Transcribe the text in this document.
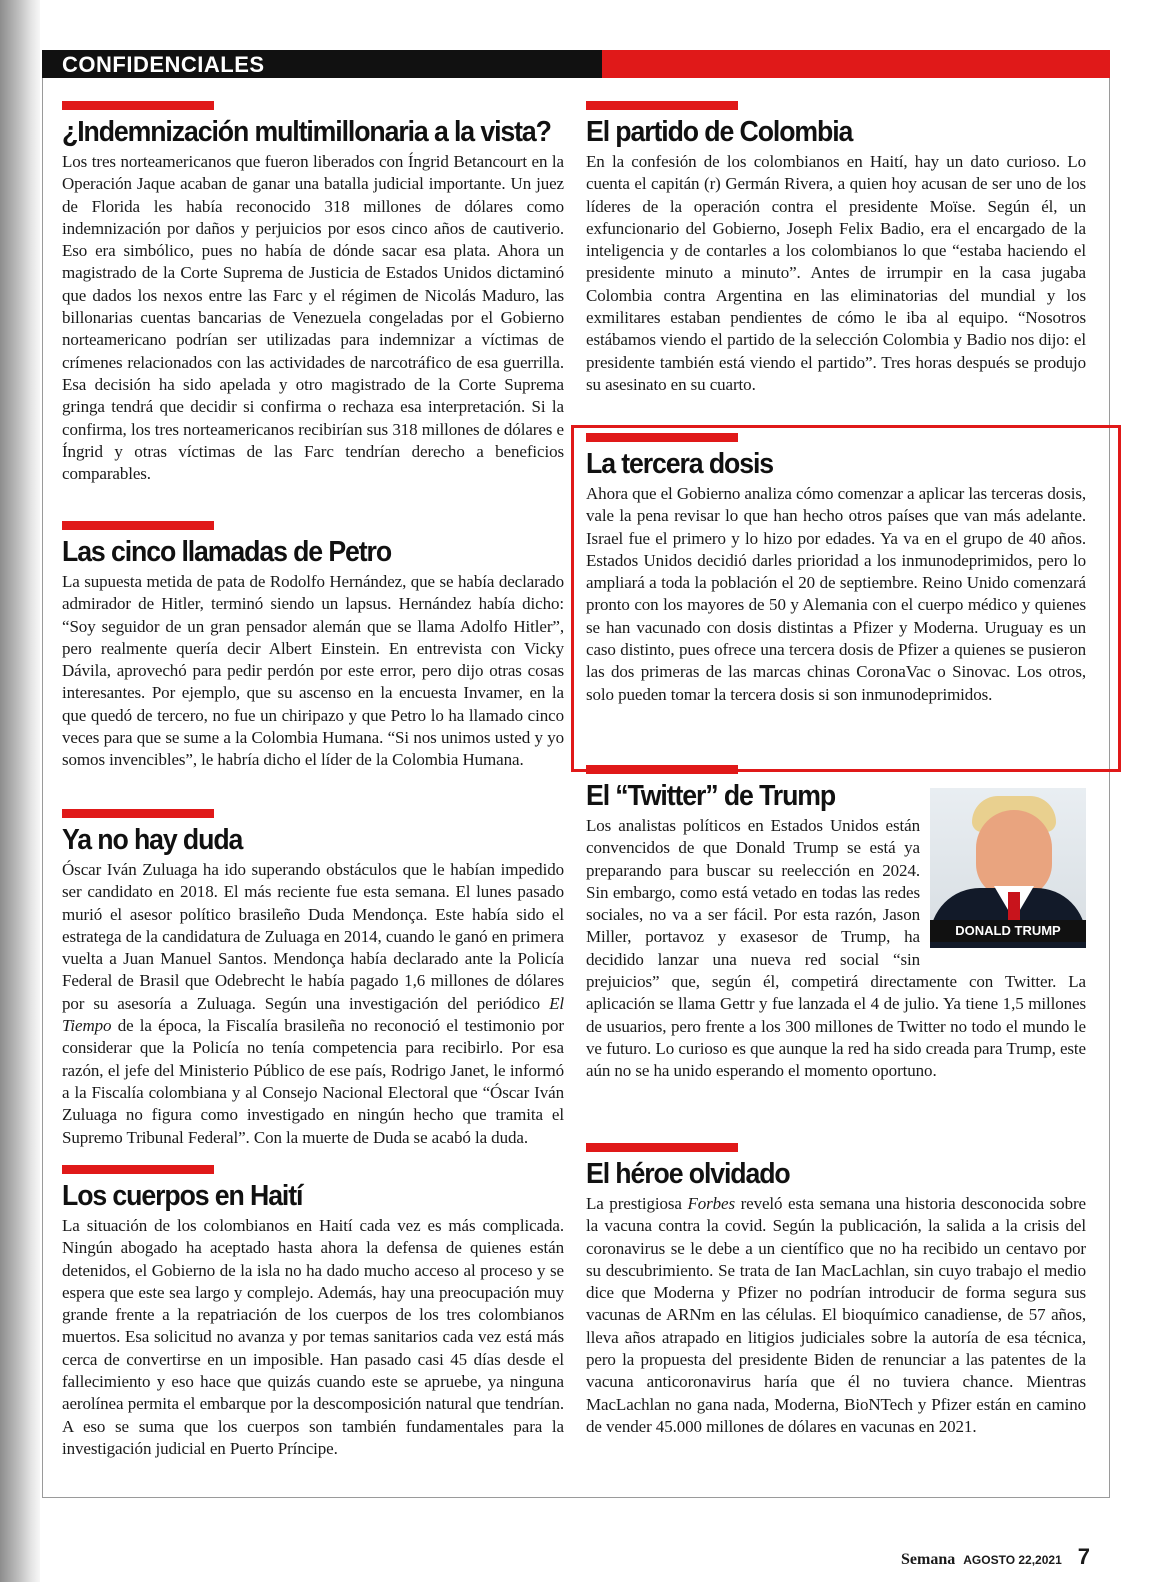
CONFIDENCIALES
¿Indemnización multimillonaria a la vista?

Los tres norteamericanos que fueron liberados con Íngrid Betancourt en la Operación Jaque acaban de ganar una batalla judicial importante. Un juez de Florida les había reconocido 318 millones de dólares como indemnización por daños y perjuicios por esos cinco años de cautiverio. Eso era simbólico, pues no había de dónde sacar esa plata. Ahora un magistrado de la Corte Suprema de Justicia de Estados Unidos dictaminó que dados los nexos entre las Farc y el régimen de Nicolás Maduro, las billonarias cuentas bancarias de Venezuela congeladas por el Gobierno norteamericano podrían ser utilizadas para indemnizar a víctimas de crímenes relacionados con las actividades de narcotráfico de esa guerrilla. Esa decisión ha sido apelada y otro magistrado de la Corte Suprema gringa tendrá que decidir si confirma o rechaza esa interpretación. Si la confirma, los tres norteamericanos recibirían sus 318 millones de dólares e Íngrid y otras víctimas de las Farc tendrían derecho a beneficios comparables.

Las cinco llamadas de Petro

La supuesta metida de pata de Rodolfo Hernández, que se había declarado admirador de Hitler, terminó siendo un lapsus. Hernández había dicho: “Soy seguidor de un gran pensador alemán que se llama Adolfo Hitler”, pero realmente quería decir Albert Einstein. En entrevista con Vicky Dávila, aprovechó para pedir perdón por este error, pero dijo otras cosas interesantes. Por ejemplo, que su ascenso en la encuesta Invamer, en la que quedó de tercero, no fue un chiripazo y que Petro lo ha llamado cinco veces para que se sume a la Colombia Humana. “Si nos unimos usted y yo somos invencibles”, le habría dicho el líder de la Colombia Humana.

Ya no hay duda

Óscar Iván Zuluaga ha ido superando obstáculos que le habían impedido ser candidato en 2018. El más reciente fue esta semana. El lunes pasado murió el asesor político brasileño Duda Mendonça. Este había sido el estratega de la candidatura de Zuluaga en 2014, cuando le ganó en primera vuelta a Juan Manuel Santos. Mendonça había declarado ante la Policía Federal de Brasil que Odebrecht le había pagado 1,6 millones de dólares por su asesoría a Zuluaga. Según una investigación del periódico El Tiempo de la época, la Fiscalía brasileña no reconoció el testimonio por considerar que la Policía no tenía competencia para recibirlo. Por esa razón, el jefe del Ministerio Público de ese país, Rodrigo Janet, le informó a la Fiscalía colombiana y al Consejo Nacional Electoral que “Óscar Iván Zuluaga no figura como investigado en ningún hecho que tramita el Supremo Tribunal Federal”. Con la muerte de Duda se acabó la duda.

Los cuerpos en Haití

La situación de los colombianos en Haití cada vez es más complicada. Ningún abogado ha aceptado hasta ahora la defensa de quienes están detenidos, el Gobierno de la isla no ha dado mucho acceso al proceso y se espera que este sea largo y complejo. Además, hay una preocupación muy grande frente a la repatriación de los cuerpos de los tres colombianos muertos. Esa solicitud no avanza y por temas sanitarios cada vez está más cerca de convertirse en un imposible. Han pasado casi 45 días desde el fallecimiento y eso hace que quizás cuando este se apruebe, ya ninguna aerolínea permita el embarque por la descomposición natural que tendrían. A eso se suma que los cuerpos son también fundamentales para la investigación judicial en Puerto Príncipe.

El partido de Colombia

En la confesión de los colombianos en Haití, hay un dato curioso. Lo cuenta el capitán (r) Germán Rivera, a quien hoy acusan de ser uno de los líderes de la operación contra el presidente Moïse. Según él, un exfuncionario del Gobierno, Joseph Felix Badio, era el encargado de la inteligencia y de contarles a los colombianos lo que “estaba haciendo el presidente minuto a minuto”. Antes de irrumpir en la casa jugaba Colombia contra Argentina en las eliminatorias del mundial y los exmilitares estaban pendientes de cómo le iba al equipo. “Nosotros estábamos viendo el partido de la selección Colombia y Badio nos dijo: el presidente también está viendo el partido”. Tres horas después se produjo su asesinato en su cuarto.

La tercera dosis

Ahora que el Gobierno analiza cómo comenzar a aplicar las terceras dosis, vale la pena revisar lo que han hecho otros países que van más adelante. Israel fue el primero y lo hizo por edades. Ya va en el grupo de 40 años. Estados Unidos decidió darles prioridad a los inmunodeprimidos, pero lo ampliará a toda la población el 20 de septiembre. Reino Unido comenzará pronto con los mayores de 50 y Alemania con el cuerpo médico y quienes se han vacunado con dosis distintas a Pfizer y Moderna. Uruguay es un caso distinto, pues ofrece una tercera dosis de Pfizer a quienes se pusieron las dos primeras de las marcas chinas CoronaVac o Sinovac. Los otros, solo pueden tomar la tercera dosis si son inmunodeprimidos.

DONALD TRUMP
El “Twitter” de Trump

Los analistas políticos en Estados Unidos están convencidos de que Donald Trump se está ya preparando para buscar su reelección en 2024. Sin embargo, como está vetado en todas las redes sociales, no va a ser fácil. Por esta razón, Jason Miller, portavoz y exasesor de Trump, ha decidido lanzar una nueva red social “sin prejuicios” que, según él, competirá directamente con Twitter. La aplicación se llama Gettr y fue lanzada el 4 de julio. Ya tiene 1,5 millones de usuarios, pero frente a los 300 millones de Twitter no todo el mundo le ve futuro. Lo curioso es que aunque la red ha sido creada para Trump, este aún no se ha unido esperando el momento oportuno.

El héroe olvidado

La prestigiosa Forbes reveló esta semana una historia desconocida sobre la vacuna contra la covid. Según la publicación, la salida a la crisis del coronavirus se le debe a un científico que no ha recibido un centavo por su descubrimiento. Se trata de Ian MacLachlan, sin cuyo trabajo el medio dice que Moderna y Pfizer no podrían introducir de forma segura sus vacunas de ARNm en las células. El bioquímico canadiense, de 57 años, lleva años atrapado en litigios judiciales sobre la autoría de esa técnica, pero la propuesta del presidente Biden de renunciar a las patentes de la vacuna anticoronavirus haría que él no tuviera chance. Mientras MacLachlan no gana nada, Moderna, BioNTech y Pfizer están en camino de vender 45.000 millones de dólares en vacunas en 2021.

Semana AGOSTO 22,2021 7
